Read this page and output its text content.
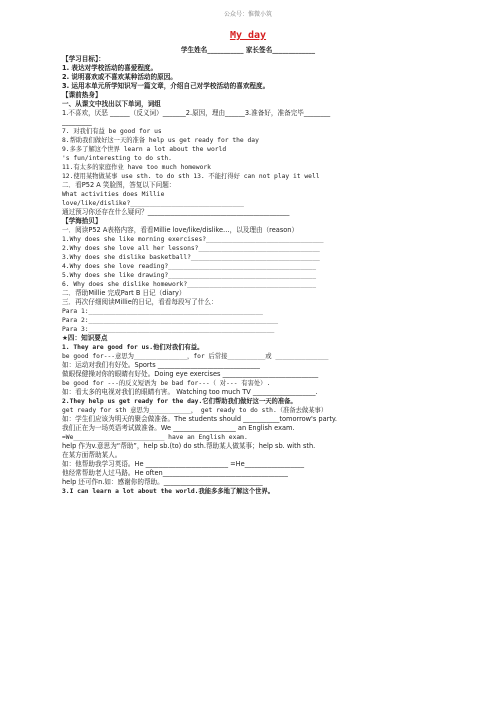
公众号：惟微小筑
My day
学生姓名___________ 家长签名_____________
【学习目标】：
1. 表达对学校活动的喜爱程度。
2. 说明喜欢或不喜欢某种活动的原因。
3. 运用本单元所学知识写一篇文章，介绍自己对学校活动的喜欢程度。
【课前热身】
一、从课文中找出以下单词，词组
1.不喜欢，厌恶 ______（反义词）_______2.原因，理由______3.准备好，准备完毕________
_________
7. 对我们有益 be good for us
8.帮助我们做好这一天的准备 help us get ready for the day
9.多多了解这个世界 learn a lot about the world
's fun/interesting to do sth.
11.有太多的家庭作业 have too much homework
12.使用某物做某事 use sth. to do sth 13. 不能打得好 can not play it well
二．看P52 A 笑脸图，答复以下问题：
What activities does Millie
love/like/dislike?______________________________
通过预习你还存在什么疑问？___________________________________________
【学海拾贝】
一．阅读P52 A表格内容，看看Millie love/like/dislike…，以及理由（reason）
1.Why does she like morning exercises?_______________________________
2.Why does she love all her lessons?________________________________
3.Why does she dislike basketball?__________________________________
4.Why does she love reading?_______________________________________
5.Why does she like drawing?_______________________________________
6. Why does she dislike homework?__________________________________
二．帮助Millie 完成Part B 日记（diary）
三．再次仔细阅读Millie的日记，看看每段写了什么：
Para 1:______________________________________________
Para 2:__________________________________________________
Para 3:_________________________________________________
★四：知识要点
1. They are good for us.他们对我们有益。
be good for---意思为______________，for 后常接__________或 ______________
如：运动对我们有好处。Sports _______________________________
做眼保健操对你的眼睛有好处。Doing eye exercises _____________________________
be good for ---的反义短语为 be bad for---（ 对--- 有害处）.
如：看太多的电视对我们的眼睛有害。 Watching too much TV ___________________.
2.They help us get ready for the day.它们帮助我们做好这一天的准备。
get ready for sth 意思为___________， get ready to do sth.（准备去做某事）
如：学生们应该为明天的聚会做准备。The students should ___________tomorrow's party.
我们正在为一场英语考试做准备。We ___________________ an English exam.
=We________________________ have an English exam.
help 作为v.意思为“帮助”，help sb.(to) do sth.帮助某人做某事；help sb. with sth.
在某方面帮助某人。
如：他帮助我学习英语。He _________________________ =He__________________
他经常帮助老人过马路。He often______________________________________
help 还可作n.如：感谢你的帮助。______________________________
3.I can learn a lot about the world.我能多多地了解这个世界。
